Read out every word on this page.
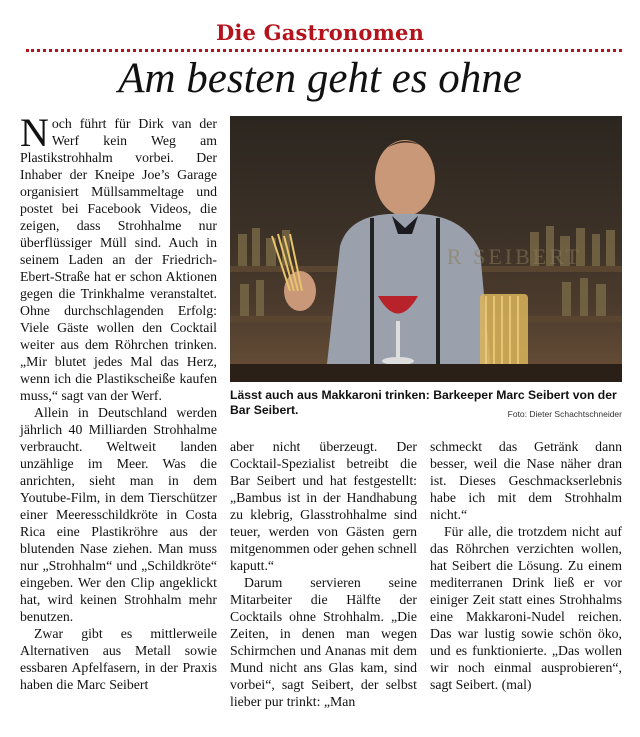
Die Gastronomen
Am besten geht es ohne

Noch führt für Dirk van der Werf kein Weg am Plastikstrohhalm vorbei. Der Inhaber der Kneipe Joe’s Garage organisiert Müllsammeltage und postet bei Facebook Videos, die zeigen, dass Strohhalme nur überflüssiger Müll sind. Auch in seinem Laden an der Friedrich-Ebert-Straße hat er schon Aktionen gegen die Trinkhalme veranstaltet. Ohne durchschlagenden Erfolg: Viele Gäste wollen den Cocktail weiter aus dem Röhrchen trinken. „Mir blutet jedes Mal das Herz, wenn ich die Plastikscheiße kaufen muss,“ sagt van der Werf.

Allein in Deutschland werden jährlich 40 Milliarden Strohhalme verbraucht. Weltweit landen unzählige im Meer. Was die anrichten, sieht man in dem Youtube-Film, in dem Tierschützer einer Meeresschildkröte in Costa Rica eine Plastikröhre aus der blutenden Nase ziehen. Man muss nur „Strohhalm“ und „Schildkröte“ eingeben. Wer den Clip angeklickt hat, wird keinen Strohhalm mehr benutzen.

Zwar gibt es mittlerweile Alternativen aus Metall sowie essbaren Apfelfasern, in der Praxis haben die Marc Seibert

R SEIBERT
Lässt auch aus Makkaroni trinken: Barkeeper Marc Seibert von der Bar Seibert.	Foto: Dieter Schachtschneider

aber nicht überzeugt. Der Cocktail-Spezialist betreibt die Bar Seibert und hat festgestellt: „Bambus ist in der Handhabung zu klebrig, Glasstrohhalme sind teuer, werden von Gästen gern mitgenommen oder gehen schnell kaputt.“

Darum servieren seine Mitarbeiter die Hälfte der Cocktails ohne Strohhalm. „Die Zeiten, in denen man wegen Schirmchen und Ananas mit dem Mund nicht ans Glas kam, sind vorbei“, sagt Seibert, der selbst lieber pur trinkt: „Man

schmeckt das Getränk dann besser, weil die Nase näher dran ist. Dieses Geschmackserlebnis habe ich mit dem Strohhalm nicht.“

Für alle, die trotzdem nicht auf das Röhrchen verzichten wollen, hat Seibert die Lösung. Zu einem mediterranen Drink ließ er vor einiger Zeit statt eines Strohhalms eine Makkaroni-Nudel reichen. Das war lustig sowie schön öko, und es funktionierte. „Das wollen wir noch einmal ausprobieren“, sagt Seibert. (mal)
